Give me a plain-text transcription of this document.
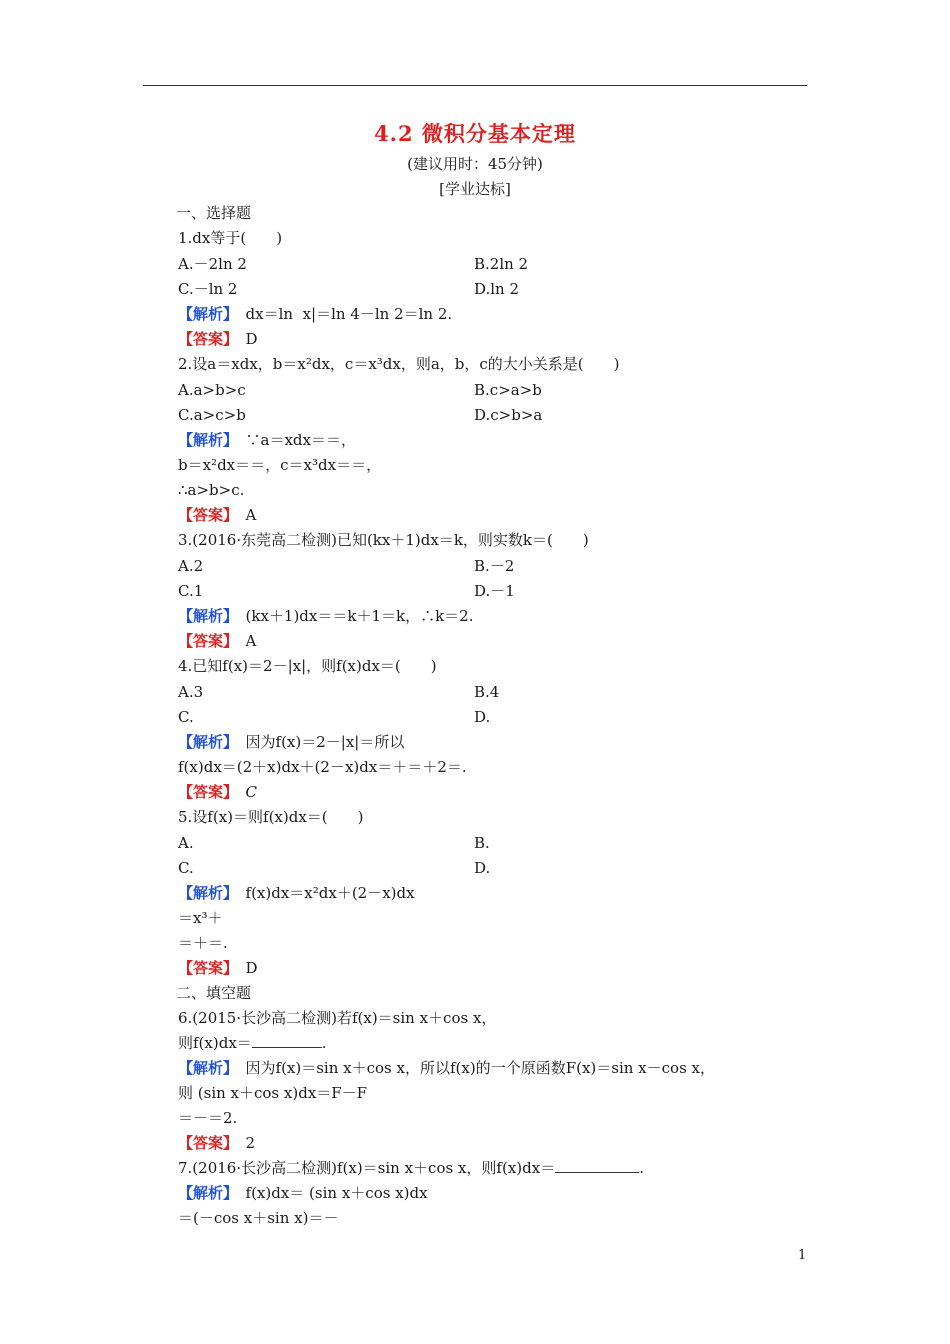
4.2 微积分基本定理
(建议用时：45分钟)
[学业达标]
一、选择题
1.dx等于(　　)
A.－2ln 2	B.2ln 2
C.－ln 2	D.ln 2
【解析】　dx＝ln  x|＝ln 4－ln 2＝ln 2.
【答案】　D
2.设a＝xdx，b＝x²dx，c＝x³dx，则a，b，c的大小关系是(　　)
A.a>b>c	B.c>a>b
C.a>c>b	D.c>b>a
【解析】　∵a＝xdx＝＝，
b＝x²dx＝＝，c＝x³dx＝＝，
∴a>b>c.
【答案】　A
3.(2016·东莞高二检测)已知(kx＋1)dx＝k，则实数k＝(　　)
A.2	B.－2
C.1	D.－1
【解析】　(kx＋1)dx＝＝k＋1＝k，∴k＝2.
【答案】　A
4.已知f(x)＝2－|x|，则f(x)dx＝(　　)
A.3	B.4
C.	D.
【解析】　因为f(x)＝2－|x|＝所以
f(x)dx＝(2＋x)dx＋(2－x)dx＝＋＝＋2＝.
【答案】　C
5.设f(x)＝则f(x)dx＝(　　)
A.	B.
C.	D.
【解析】　f(x)dx＝x²dx＋(2－x)dx
＝x³＋
＝＋＝.
【答案】　D
二、填空题
6.(2015·长沙高二检测)若f(x)＝sin x＋cos x，
则f(x)dx＝	.
【解析】　因为f(x)＝sin x＋cos x，所以f(x)的一个原函数F(x)＝sin x－cos x，
则 (sin x＋cos x)dx＝F－F
＝－＝2.
【答案】　2
7.(2016·长沙高二检测)f(x)＝sin x＋cos x，则f(x)dx＝	.
【解析】　f(x)dx＝ (sin x＋cos x)dx
＝(－cos x＋sin x)＝－
1
